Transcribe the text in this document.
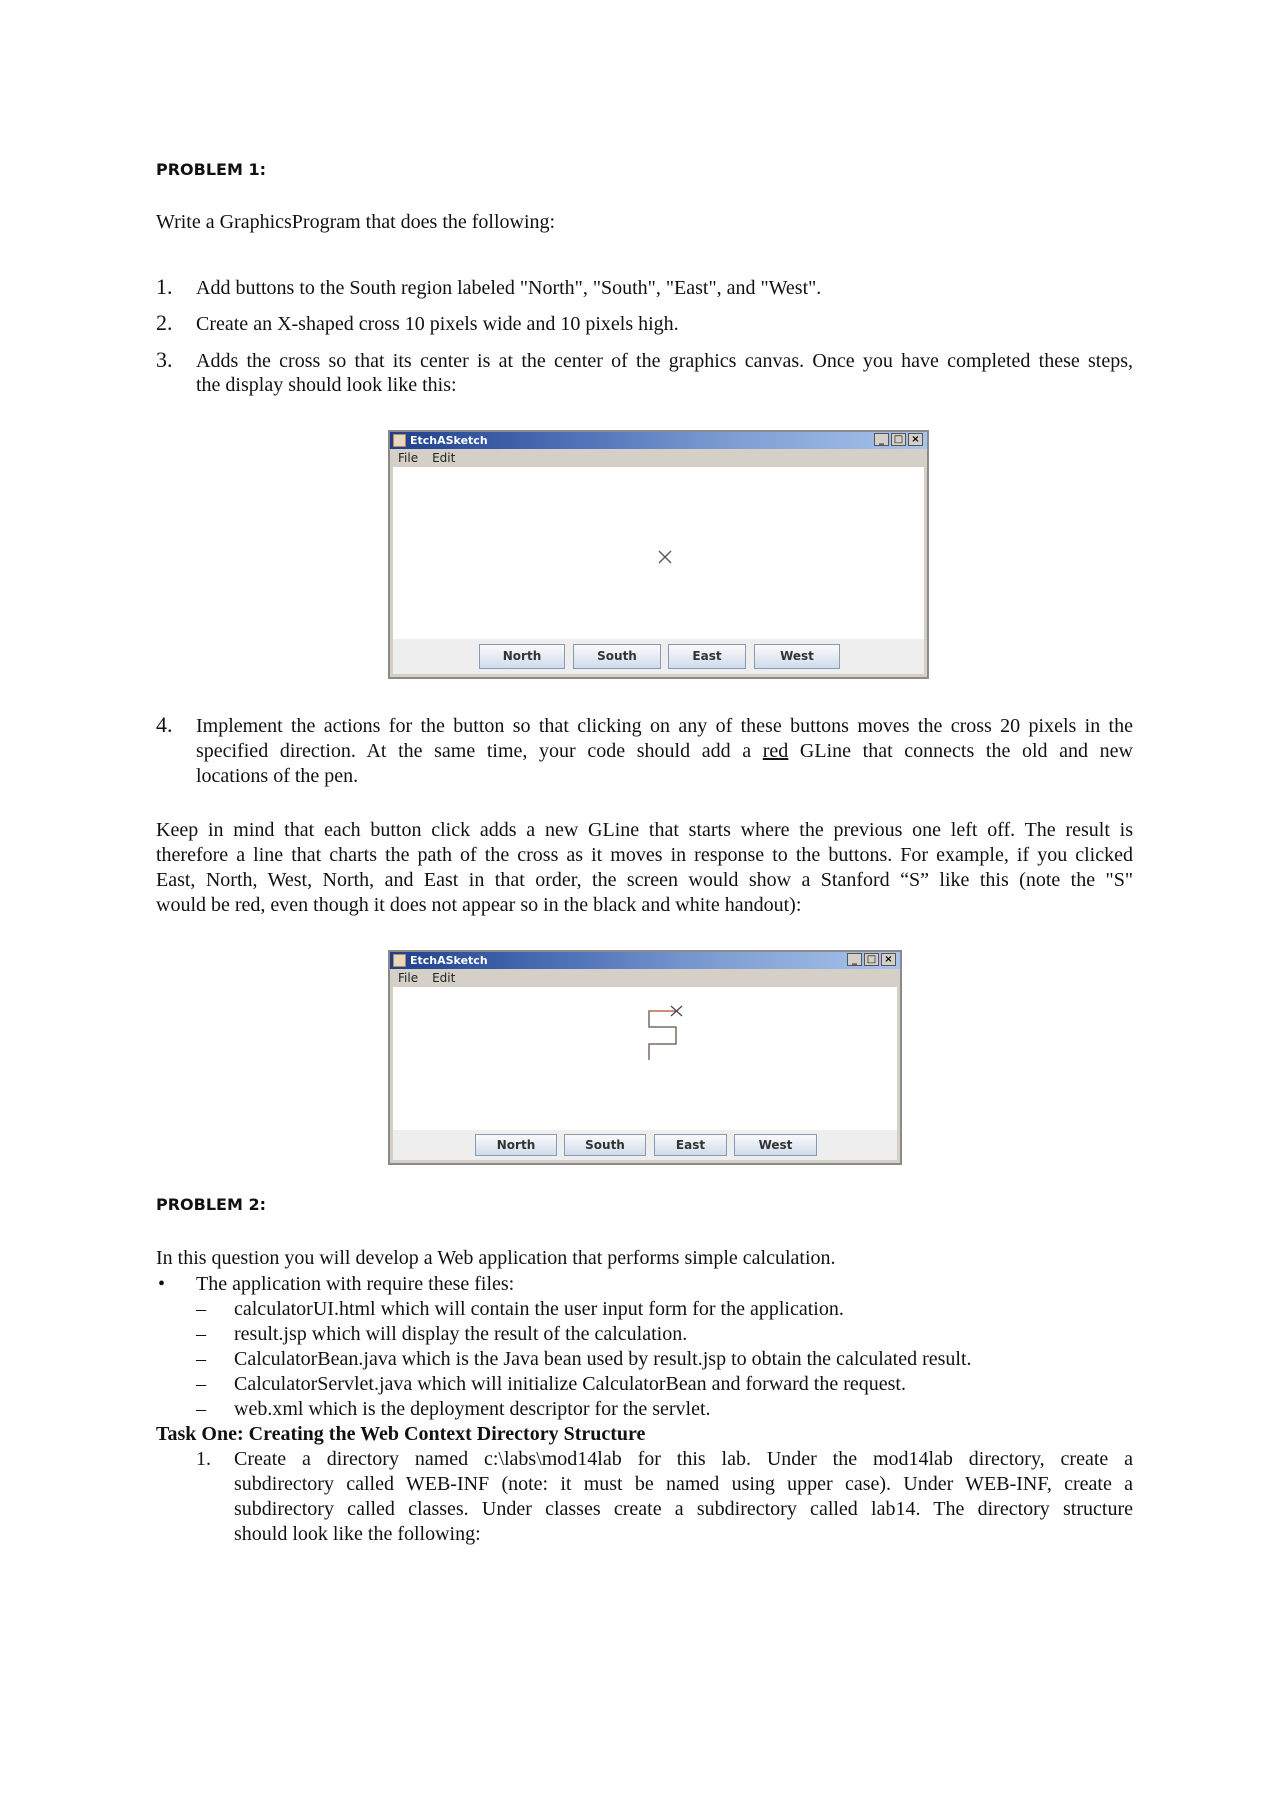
PROBLEM 1:
Write a GraphicsProgram that does the following:
1. Add buttons to the South region labeled "North", "South", "East", and "West".
2. Create an X-shaped cross 10 pixels wide and 10 pixels high.
3. Adds the cross so that its center is at the center of the graphics canvas. Once you have completed these steps,
the display should look like this:
EtchASketch	_ □ ×
File Edit
North	South	East	West
4. Implement the actions for the button so that clicking on any of these buttons moves the cross 20 pixels in the
specified direction. At the same time, your code should add a red GLine that connects the old and new
locations of the pen.
Keep in mind that each button click adds a new GLine that starts where the previous one left off. The result is
therefore a line that charts the path of the cross as it moves in response to the buttons. For example, if you clicked
East, North, West, North, and East in that order, the screen would show a Stanford “S” like this (note the "S"
would be red, even though it does not appear so in the black and white handout):
EtchASketch	_ □ ×
File Edit
North	South	East	West
PROBLEM 2:
In this question you will develop a Web application that performs simple calculation.
• The application with require these files:
– calculatorUI.html which will contain the user input form for the application.
– result.jsp which will display the result of the calculation.
– CalculatorBean.java which is the Java bean used by result.jsp to obtain the calculated result.
– CalculatorServlet.java which will initialize CalculatorBean and forward the request.
– web.xml which is the deployment descriptor for the servlet.
Task One: Creating the Web Context Directory Structure
1. Create a directory named c:\labs\mod14lab for this lab. Under the mod14lab directory, create a
subdirectory called WEB-INF (note: it must be named using upper case). Under WEB-INF, create a
subdirectory called classes. Under classes create a subdirectory called lab14. The directory structure
should look like the following:
